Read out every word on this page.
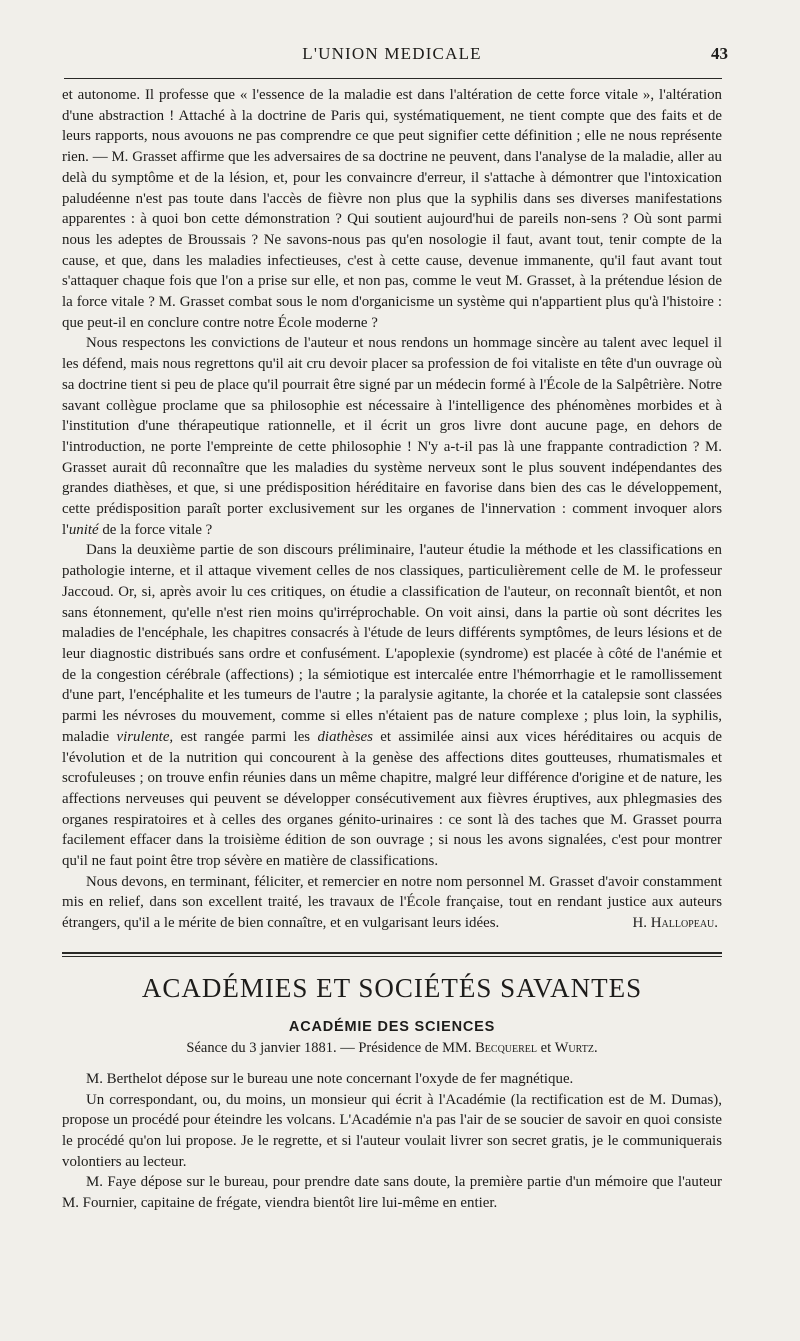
L'UNION MEDICALE	43

et autonome. Il professe que « l'essence de la maladie est dans l'altération de cette force vitale », l'altération d'une abstraction ! Attaché à la doctrine de Paris qui, systématiquement, ne tient compte que des faits et de leurs rapports, nous avouons ne pas comprendre ce que peut signifier cette définition ; elle ne nous représente rien. — M. Grasset affirme que les adversaires de sa doctrine ne peuvent, dans l'analyse de la maladie, aller au delà du symptôme et de la lésion, et, pour les convaincre d'erreur, il s'attache à démontrer que l'intoxication paludéenne n'est pas toute dans l'accès de fièvre non plus que la syphilis dans ses diverses manifestations apparentes : à quoi bon cette démonstration ? Qui soutient aujourd'hui de pareils non-sens ? Où sont parmi nous les adeptes de Broussais ? Ne savons-nous pas qu'en nosologie il faut, avant tout, tenir compte de la cause, et que, dans les maladies infectieuses, c'est à cette cause, devenue immanente, qu'il faut avant tout s'attaquer chaque fois que l'on a prise sur elle, et non pas, comme le veut M. Grasset, à la prétendue lésion de la force vitale ? M. Grasset combat sous le nom d'organicisme un système qui n'appartient plus qu'à l'histoire : que peut-il en conclure contre notre École moderne ?

Nous respectons les convictions de l'auteur et nous rendons un hommage sincère au talent avec lequel il les défend, mais nous regrettons qu'il ait cru devoir placer sa profession de foi vitaliste en tête d'un ouvrage où sa doctrine tient si peu de place qu'il pourrait être signé par un médecin formé à l'École de la Salpêtrière. Notre savant collègue proclame que sa philosophie est nécessaire à l'intelligence des phénomènes morbides et à l'institution d'une thérapeutique rationnelle, et il écrit un gros livre dont aucune page, en dehors de l'introduction, ne porte l'empreinte de cette philosophie ! N'y a-t-il pas là une frappante contradiction ? M. Grasset aurait dû reconnaître que les maladies du système nerveux sont le plus souvent indépendantes des grandes diathèses, et que, si une prédisposition héréditaire en favorise dans bien des cas le développement, cette prédisposition paraît porter exclusivement sur les organes de l'innervation : comment invoquer alors l'unité de la force vitale ?

Dans la deuxième partie de son discours préliminaire, l'auteur étudie la méthode et les classifications en pathologie interne, et il attaque vivement celles de nos classiques, particulièrement celle de M. le professeur Jaccoud. Or, si, après avoir lu ces critiques, on étudie a classification de l'auteur, on reconnaît bientôt, et non sans étonnement, qu'elle n'est rien moins qu'irréprochable. On voit ainsi, dans la partie où sont décrites les maladies de l'encéphale, les chapitres consacrés à l'étude de leurs différents symptômes, de leurs lésions et de leur diagnostic distribués sans ordre et confusément. L'apoplexie (syndrome) est placée à côté de l'anémie et de la congestion cérébrale (affections) ; la sémiotique est intercalée entre l'hémorrhagie et le ramollissement d'une part, l'encéphalite et les tumeurs de l'autre ; la paralysie agitante, la chorée et la catalepsie sont classées parmi les névroses du mouvement, comme si elles n'étaient pas de nature complexe ; plus loin, la syphilis, maladie virulente, est rangée parmi les diathèses et assimilée ainsi aux vices héréditaires ou acquis de l'évolution et de la nutrition qui concourent à la genèse des affections dites goutteuses, rhumatismales et scrofuleuses ; on trouve enfin réunies dans un même chapitre, malgré leur différence d'origine et de nature, les affections nerveuses qui peuvent se développer consécutivement aux fièvres éruptives, aux phlegmasies des organes respiratoires et à celles des organes génito-urinaires : ce sont là des taches que M. Grasset pourra facilement effacer dans la troisième édition de son ouvrage ; si nous les avons signalées, c'est pour montrer qu'il ne faut point être trop sévère en matière de classifications.

Nous devons, en terminant, féliciter, et remercier en notre nom personnel M. Grasset d'avoir constamment mis en relief, dans son excellent traité, les travaux de l'École française, tout en rendant justice aux auteurs étrangers, qu'il a le mérite de bien connaître, et en vulgarisant leurs idées.	H. Hallopeau.
ACADÉMIES ET SOCIÉTÉS SAVANTES
ACADÉMIE DES SCIENCES
Séance du 3 janvier 1881. — Présidence de MM. Becquerel et Wurtz.

M. Berthelot dépose sur le bureau une note concernant l'oxyde de fer magnétique.

Un correspondant, ou, du moins, un monsieur qui écrit à l'Académie (la rectification est de M. Dumas), propose un procédé pour éteindre les volcans. L'Académie n'a pas l'air de se soucier de savoir en quoi consiste le procédé qu'on lui propose. Je le regrette, et si l'auteur voulait livrer son secret gratis, je le communiquerais volontiers au lecteur.

M. Faye dépose sur le bureau, pour prendre date sans doute, la première partie d'un mémoire que l'auteur M. Fournier, capitaine de frégate, viendra bientôt lire lui-même en entier.
